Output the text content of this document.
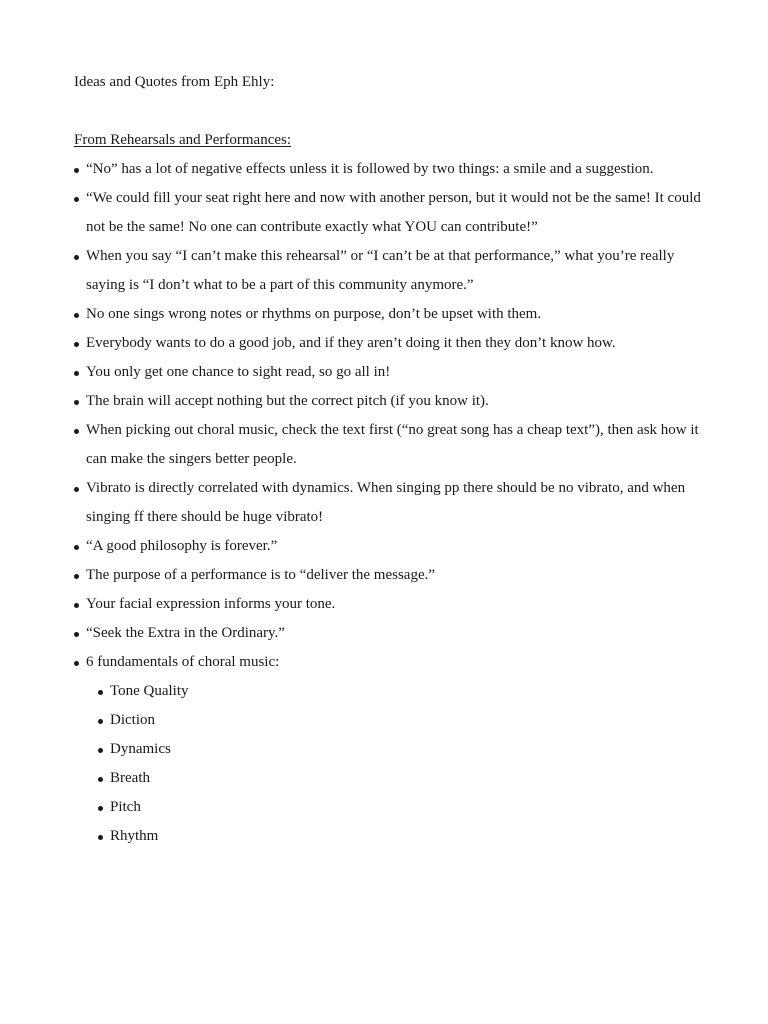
Ideas and Quotes from Eph Ehly:

From Rehearsals and Performances:

“No” has a lot of negative effects unless it is followed by two things: a smile and a suggestion.
“We could fill your seat right here and now with another person, but it would not be the same! It could not be the same! No one can contribute exactly what YOU can contribute!”
When you say “I can’t make this rehearsal” or “I can’t be at that performance,” what you’re really saying is “I don’t what to be a part of this community anymore.”
No one sings wrong notes or rhythms on purpose, don’t be upset with them.
Everybody wants to do a good job, and if they aren’t doing it then they don’t know how.
You only get one chance to sight read, so go all in!
The brain will accept nothing but the correct pitch (if you know it).
When picking out choral music, check the text first (“no great song has a cheap text”), then ask how it can make the singers better people.
Vibrato is directly correlated with dynamics. When singing pp there should be no vibrato, and when singing ff there should be huge vibrato!
“A good philosophy is forever.”
The purpose of a performance is to “deliver the message.”
Your facial expression informs your tone.
“Seek the Extra in the Ordinary.”
6 fundamentals of choral music:
Tone Quality
Diction
Dynamics
Breath
Pitch
Rhythm
